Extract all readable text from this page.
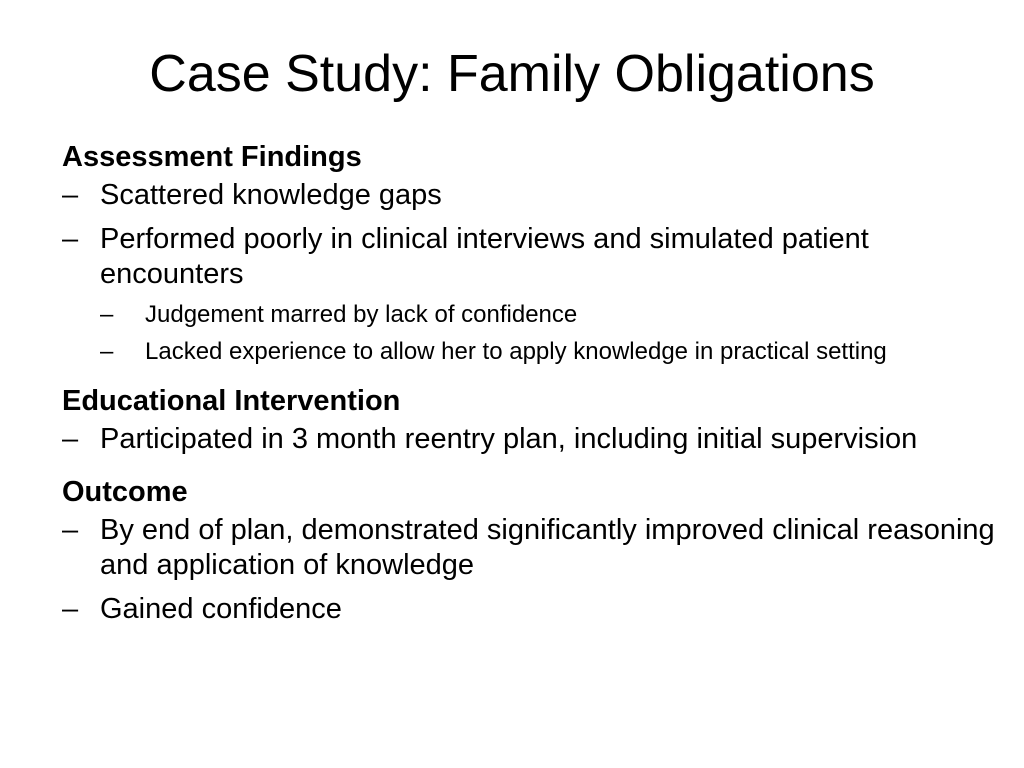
Case Study: Family Obligations
Assessment Findings
– Scattered knowledge gaps
– Performed poorly in clinical interviews and simulated patient encounters
– Judgement marred by lack of confidence
– Lacked experience to allow her to apply knowledge in practical setting
Educational Intervention
– Participated in 3 month reentry plan, including initial supervision
Outcome
– By end of plan, demonstrated significantly improved clinical reasoning and application of knowledge
– Gained confidence
